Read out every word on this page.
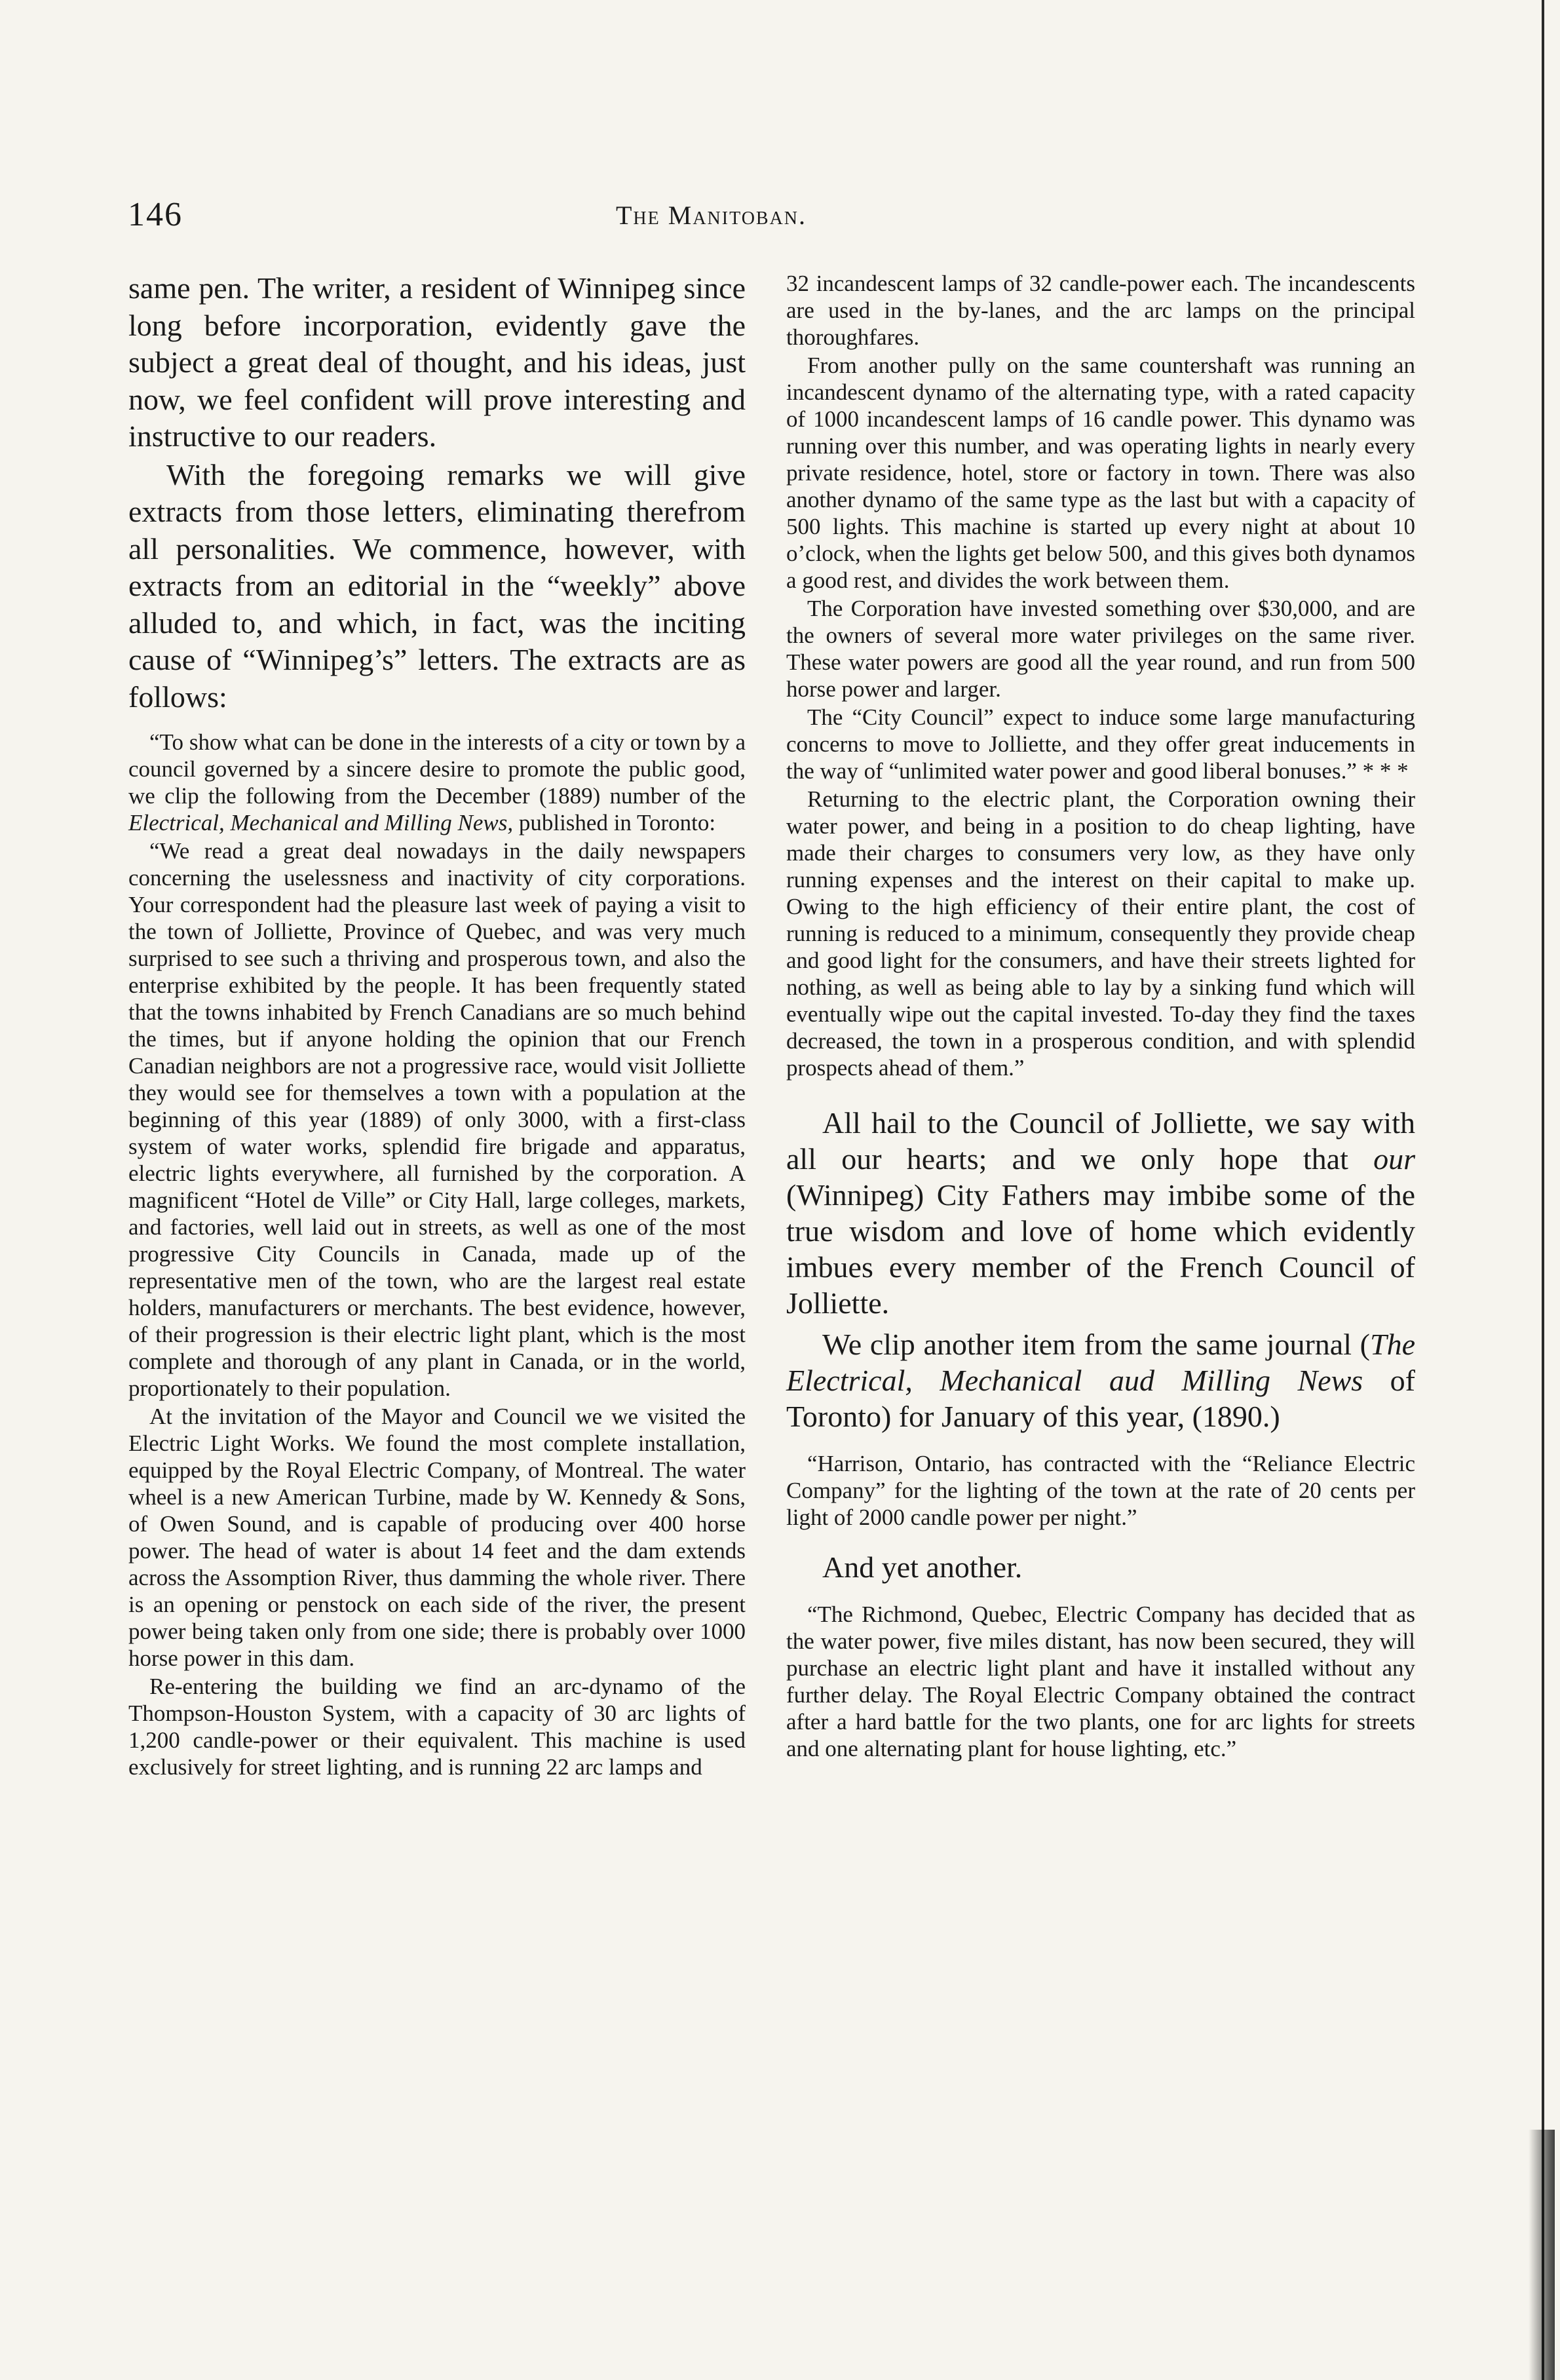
146	The Manitoban.

same pen. The writer, a resident of Winnipeg since long before incorporation, evidently gave the subject a great deal of thought, and his ideas, just now, we feel confident will prove interesting and instructive to our readers.

With the foregoing remarks we will give extracts from those letters, eliminating therefrom all personalities. We commence, however, with extracts from an editorial in the “weekly” above alluded to, and which, in fact, was the inciting cause of “Winnipeg’s” letters. The extracts are as follows:

“To show what can be done in the interests of a city or town by a council governed by a sincere desire to promote the public good, we clip the following from the December (1889) number of the Electrical, Mechanical and Milling News, published in Toronto:

“We read a great deal nowadays in the daily newspapers concerning the uselessness and inactivity of city corporations. Your correspondent had the pleasure last week of paying a visit to the town of Jolliette, Province of Quebec, and was very much surprised to see such a thriving and prosperous town, and also the enterprise exhibited by the people. It has been frequently stated that the towns inhabited by French Canadians are so much behind the times, but if anyone holding the opinion that our French Canadian neighbors are not a progressive race, would visit Jolliette they would see for themselves a town with a population at the beginning of this year (1889) of only 3000, with a first-class system of water works, splendid fire brigade and apparatus, electric lights everywhere, all furnished by the corporation. A magnificent “Hotel de Ville” or City Hall, large colleges, markets, and factories, well laid out in streets, as well as one of the most progressive City Councils in Canada, made up of the representative men of the town, who are the largest real estate holders, manufacturers or merchants. The best evidence, however, of their progression is their electric light plant, which is the most complete and thorough of any plant in Canada, or in the world, proportionately to their population.

At the invitation of the Mayor and Council we we visited the Electric Light Works. We found the most complete installation, equipped by the Royal Electric Company, of Montreal. The water wheel is a new American Turbine, made by W. Kennedy & Sons, of Owen Sound, and is capable of producing over 400 horse power. The head of water is about 14 feet and the dam extends across the Assomption River, thus damming the whole river. There is an opening or penstock on each side of the river, the present power being taken only from one side; there is probably over 1000 horse power in this dam.

Re-entering the building we find an arc-dynamo of the Thompson-Houston System, with a capacity of 30 arc lights of 1,200 candle-power or their equivalent. This machine is used exclusively for street lighting, and is running 22 arc lamps and

32 incandescent lamps of 32 candle-power each. The incandescents are used in the by-lanes, and the arc lamps on the principal thoroughfares.

From another pully on the same countershaft was running an incandescent dynamo of the alternating type, with a rated capacity of 1000 incandescent lamps of 16 candle power. This dynamo was running over this number, and was operating lights in nearly every private residence, hotel, store or factory in town. There was also another dynamo of the same type as the last but with a capacity of 500 lights. This machine is started up every night at about 10 o’clock, when the lights get below 500, and this gives both dynamos a good rest, and divides the work between them.

The Corporation have invested something over $30,000, and are the owners of several more water privileges on the same river. These water powers are good all the year round, and run from 500 horse power and larger.

The “City Council” expect to induce some large manufacturing concerns to move to Jolliette, and they offer great inducements in the way of “unlimited water power and good liberal bonuses.” * * *

Returning to the electric plant, the Corporation owning their water power, and being in a position to do cheap lighting, have made their charges to consumers very low, as they have only running expenses and the interest on their capital to make up. Owing to the high efficiency of their entire plant, the cost of running is reduced to a minimum, consequently they provide cheap and good light for the consumers, and have their streets lighted for nothing, as well as being able to lay by a sinking fund which will eventually wipe out the capital invested. To-day they find the taxes decreased, the town in a prosperous condition, and with splendid prospects ahead of them.”

All hail to the Council of Jolliette, we say with all our hearts; and we only hope that our (Winnipeg) City Fathers may imbibe some of the true wisdom and love of home which evidently imbues every member of the French Council of Jolliette.

We clip another item from the same journal (The Electrical, Mechanical aud Milling News of Toronto) for January of this year, (1890.)

“Harrison, Ontario, has contracted with the “Reliance Electric Company” for the lighting of the town at the rate of 20 cents per light of 2000 candle power per night.”

And yet another.

“The Richmond, Quebec, Electric Company has decided that as the water power, five miles distant, has now been secured, they will purchase an electric light plant and have it installed without any further delay. The Royal Electric Company obtained the contract after a hard battle for the two plants, one for arc lights for streets and one alternating plant for house lighting, etc.”
